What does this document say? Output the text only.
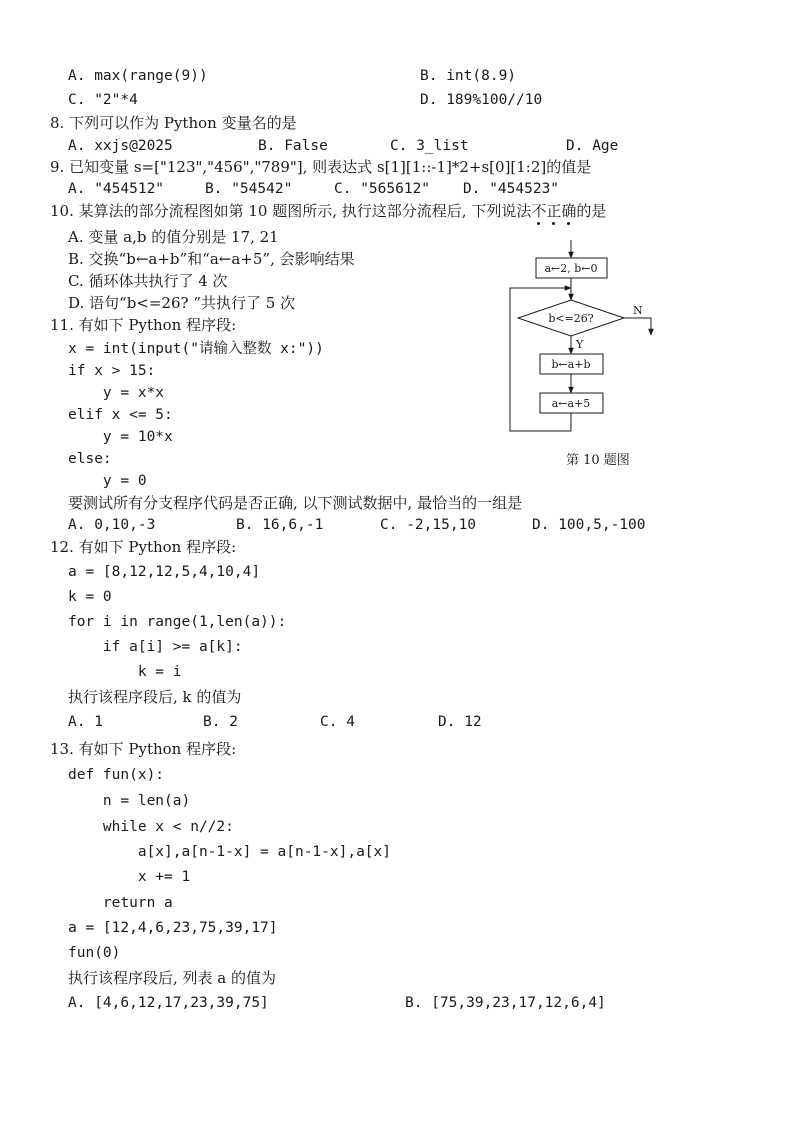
A. max(range(9))	B. int(8.9)
C. "2"*4	D. 189%100//10
8. 下列可以作为 Python 变量名的是
A. xxjs@2025	B. False	C. 3_list	D. Age
9. 已知变量 s=["123","456","789"], 则表达式 s[1][1::-1]*2+s[0][1:2]的值是
A. "454512"	B. "54542"	C. "565612" D. "454523"
10. 某算法的部分流程图如第 10 题图所示, 执行这部分流程后, 下列说法不正确的是
A. 变量 a,b 的值分别是 17, 21
B. 交换“b←a+b”和“a←a+5”, 会影响结果
C. 循环体共执行了 4 次
D. 语句“b<=26? ”共执行了 5 次
a←2, b←0
b<=26?
N
Y
b←a+b
a←a+5
第 10 题图
11. 有如下 Python 程序段:
x = int(input("请输入整数 x:"))
if x > 15:
y = x*x
elif x <= 5:
y = 10*x
else:
y = 0
要测试所有分支程序代码是否正确, 以下测试数据中, 最恰当的一组是
A. 0,10,-3	B. 16,6,-1	C. -2,15,10	D. 100,5,-100
12. 有如下 Python 程序段:
a = [8,12,12,5,4,10,4]
k = 0
for i in range(1,len(a)):
if a[i] >= a[k]:
k = i
执行该程序段后, k 的值为
A. 1	B. 2	C. 4	D. 12
13. 有如下 Python 程序段:
def fun(x):
n = len(a)
while x < n//2:
a[x],a[n-1-x] = a[n-1-x],a[x]
x += 1
return a
a = [12,4,6,23,75,39,17]
fun(0)
执行该程序段后, 列表 a 的值为
A. [4,6,12,17,23,39,75]	B. [75,39,23,17,12,6,4]
